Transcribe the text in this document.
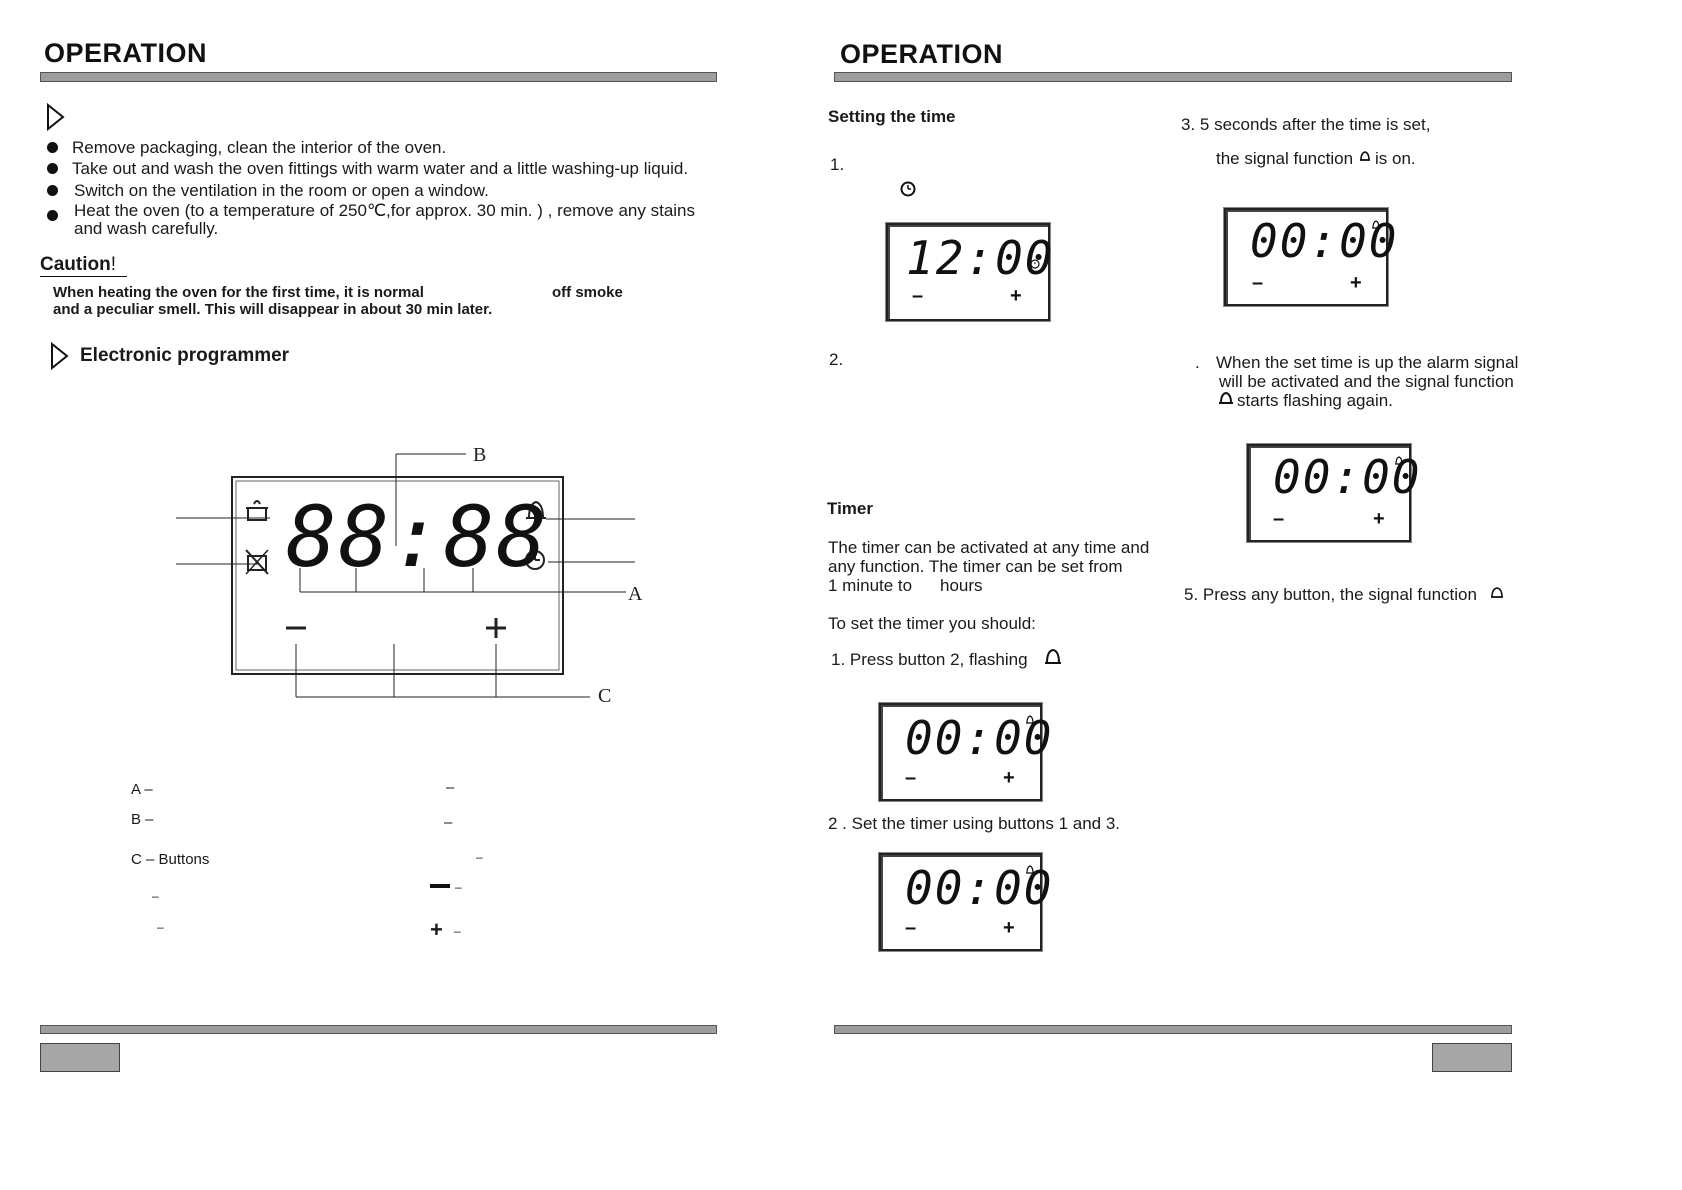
OPERATION
Remove packaging, clean the interior of the oven.
Take out and wash the oven fittings with warm water and a little washing-up liquid.
Switch on the ventilation in the room or open a window.
Heat the oven (to a temperature of 250℃,for approx. 30 min. ) , remove any stains
and wash carefully.
Caution!
When heating the oven for the first time, it is normal	off smoke
and a peculiar smell. This will disappear in about 30 min later.
Electronic programmer
B
A
C
88:88
A –
B –
C – Buttons
–
–
–
–
–
–
+ –
OPERATION
Setting the time
1.
12:00
–	+
2.
Timer
The timer can be activated at any time and
any function. The timer can be set from
1 minute to hours
To set the timer you should:
1. Press button 2, flashing
00:00
–	+
2 . Set the timer using buttons 1 and 3.
00:00
–	+
3. 5 seconds after the time is set,
the signal function is on.
00:00
–	+
. When the set time is up the alarm signal
will be activated and the signal function
starts flashing again.
00:00
–	+
5. Press any button, the signal function
